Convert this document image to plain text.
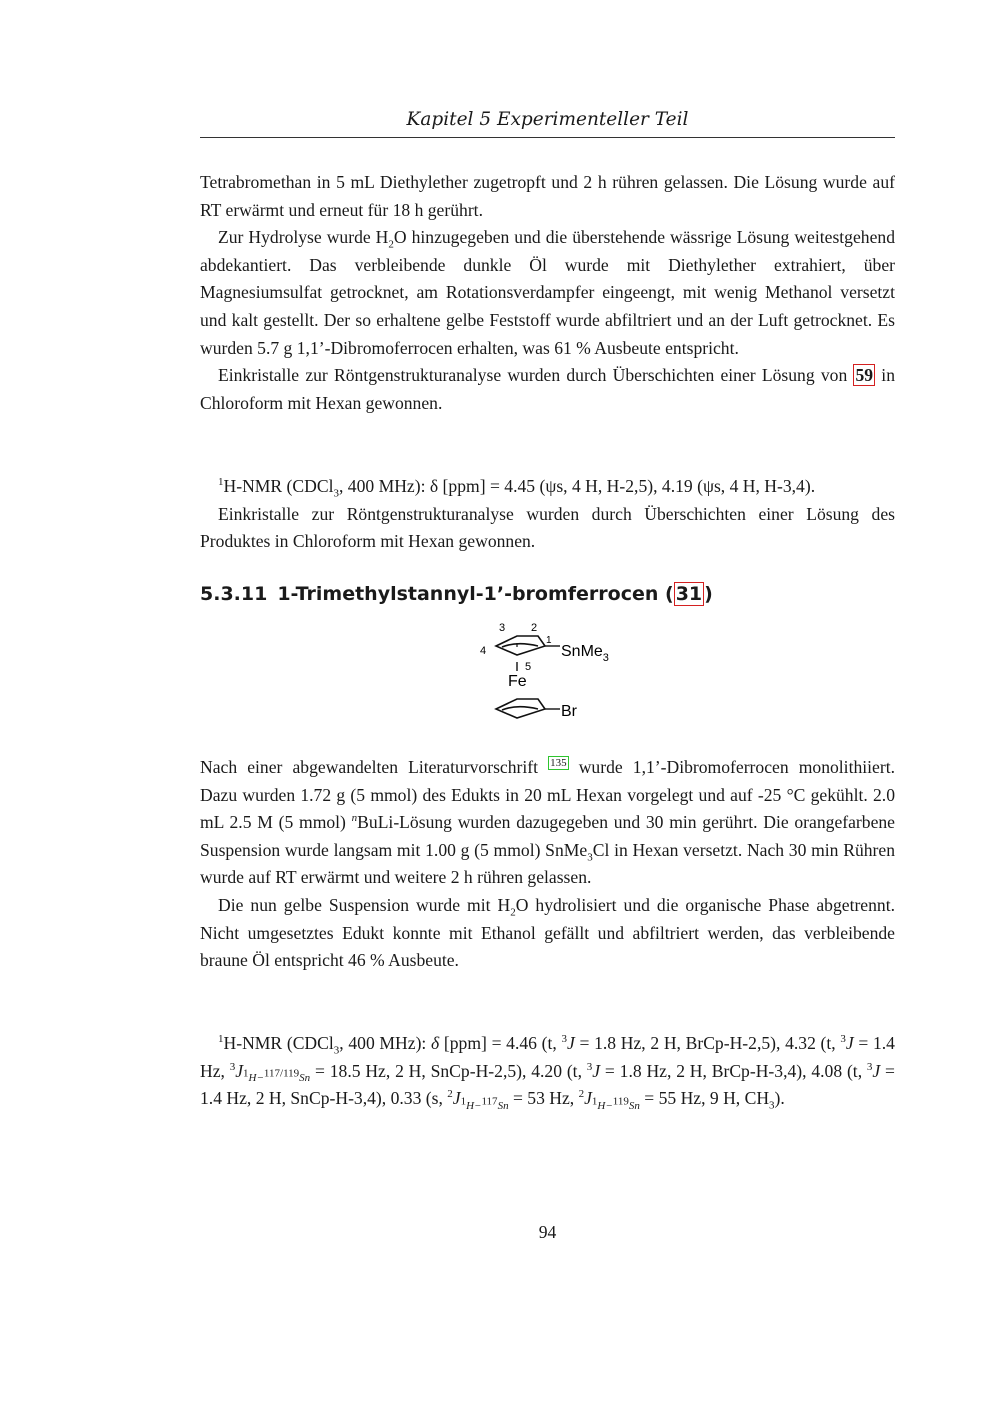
Kapitel 5 Experimenteller Teil

Tetrabromethan in 5 mL Diethylether zugetropft und 2 h rühren gelassen. Die Lösung wurde auf RT erwärmt und erneut für 18 h gerührt.

Zur Hydrolyse wurde $H_2O$ hinzugegeben und die überstehende wässrige Lösung weitestgehend abdekantiert. Das verbleibende dunkle Öl wurde mit Diethylether extrahiert, über Magnesiumsulfat getrocknet, am Rotationsverdampfer eingeengt, mit wenig Methanol versetzt und kalt gestellt. Der so erhaltene gelbe Feststoff wurde abfiltriert und an der Luft getrocknet. Es wurden 5.7 g 1,1’-Dibromoferrocen erhalten, was 61 % Ausbeute entspricht.

Einkristalle zur Röntgenstrukturanalyse wurden durch Überschichten einer Lösung von 59 in Chloroform mit Hexan gewonnen.

$^1$H-NMR (CDCl$_3$, 400 MHz): δ [ppm] = 4.45 (ψs, 4 H, H-2,5), 4.19 (ψs, 4 H, H-3,4).

Einkristalle zur Röntgenstrukturanalyse wurden durch Überschichten einer Lösung des Produktes in Chloroform mit Hexan gewonnen.

5.3.11 1-Trimethylstannyl-1’-bromferrocen ( 31 )
3 2
1
4
5
SnMe$_3$
Fe
Br

Nach einer abgewandelten Literaturvorschrift $^{135}$ wurde 1,1’-Dibromoferrocen monolithiiert. Dazu wurden 1.72 g (5 mmol) des Edukts in 20 mL Hexan vorgelegt und auf -25 °C gekühlt. 2.0 mL 2.5 M (5 mmol) $^n$BuLi-Lösung wurden dazugegeben und 30 min gerührt. Die orangefarbene Suspension wurde langsam mit 1.00 g (5 mmol) SnMe$_3$Cl in Hexan versetzt. Nach 30 min Rühren wurde auf RT erwärmt und weitere 2 h rühren gelassen.

Die nun gelbe Suspension wurde mit $H_2O$ hydrolisiert und die organische Phase abgetrennt. Nicht umgesetztes Edukt konnte mit Ethanol gefällt und abfiltriert werden, das verbleibende braune Öl entspricht 46 % Ausbeute.

$^1$H-NMR (CDCl$_3$, 400 MHz): δ [ppm] = 4.46 (t, $^3$J = 1.8 Hz, 2 H, BrCp-H-2,5), 4.32 (t, $^3$J = 1.4 Hz, $^3J_{^1H-^{117/119}Sn} = 18.5$ Hz, 2 H, SnCp-H-2,5), 4.20 (t, $^3$J = 1.8 Hz, 2 H, BrCp-H-3,4), 4.08 (t, $^3$J = 1.4 Hz, 2 H, SnCp-H-3,4), 0.33 (s, $^2J_{^1H-^{117}Sn} = 53$ Hz, $^2J_{^1H-^{119}Sn} = 55$ Hz, 9 H, $CH_3$).

94
